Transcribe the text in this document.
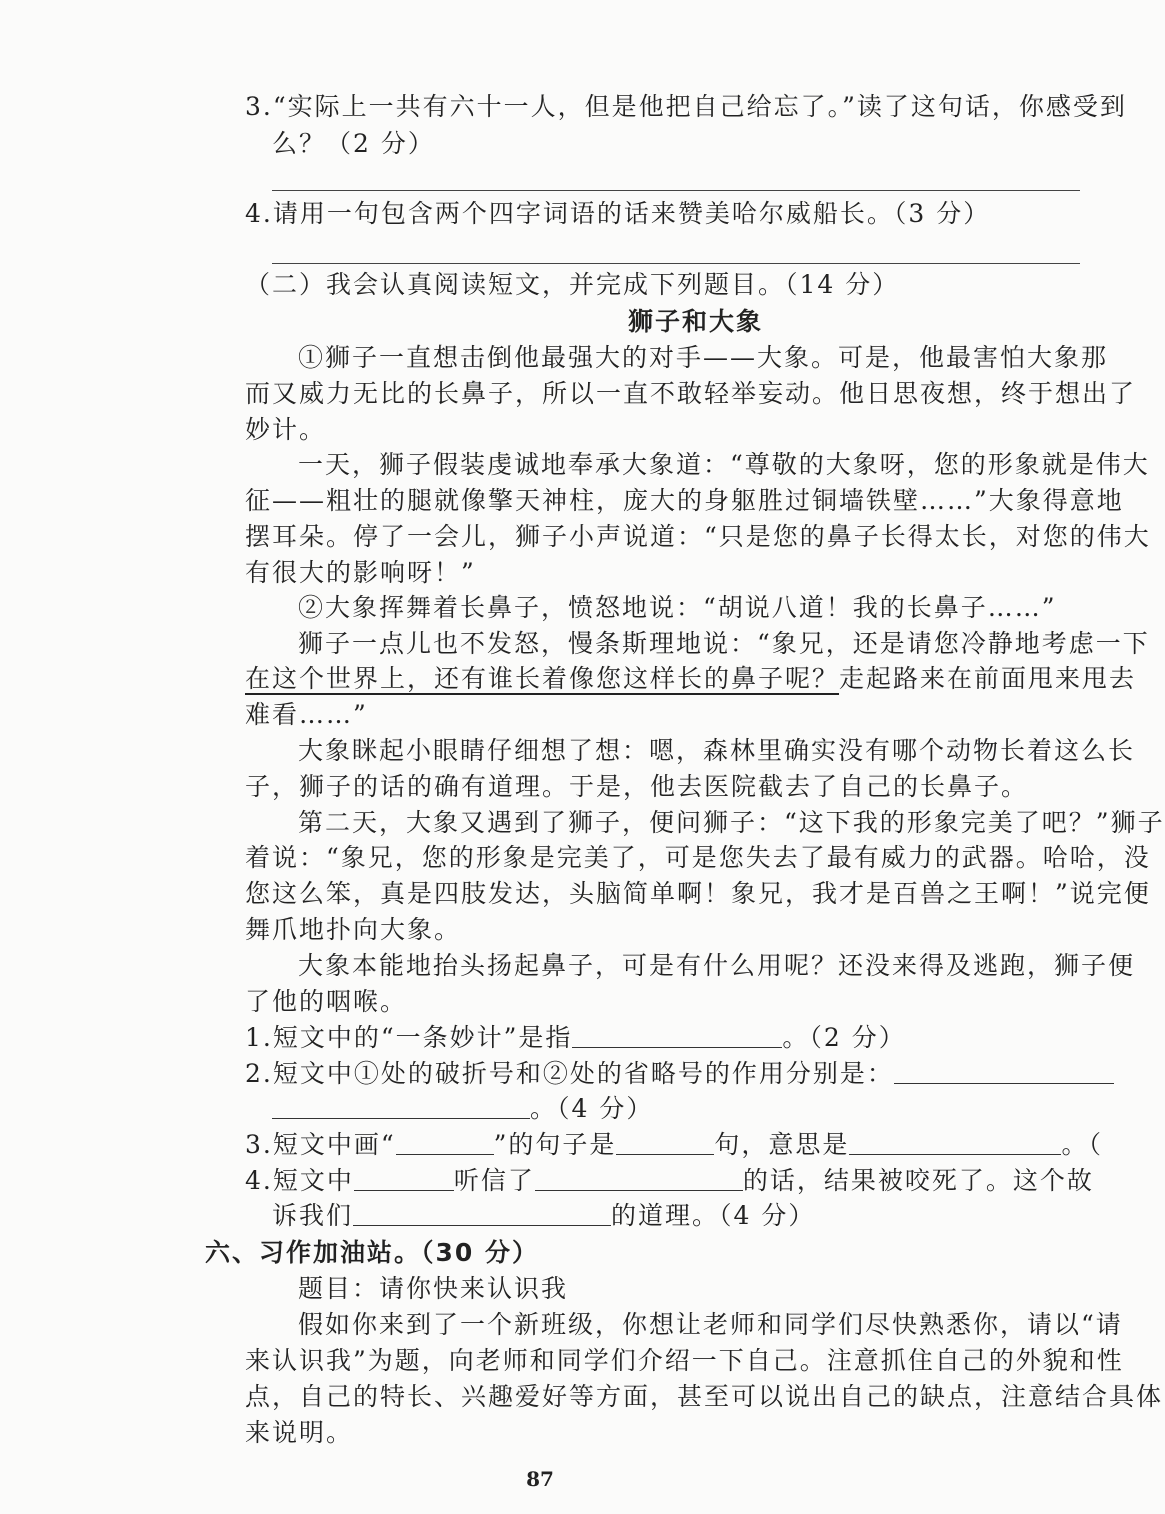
3.“实际上一共有六十一人，但是他把自己给忘了。”读了这句话，你感受到
么？（2 分）
4.请用一句包含两个四字词语的话来赞美哈尔威船长。（3 分）
（二）我会认真阅读短文，并完成下列题目。（14 分）
狮子和大象
①狮子一直想击倒他最强大的对手——大象。可是，他最害怕大象那
而又威力无比的长鼻子，所以一直不敢轻举妄动。他日思夜想，终于想出了
妙计。
一天，狮子假装虔诚地奉承大象道：“尊敬的大象呀，您的形象就是伟大
征——粗壮的腿就像擎天神柱，庞大的身躯胜过铜墙铁壁……”大象得意地
摆耳朵。停了一会儿，狮子小声说道：“只是您的鼻子长得太长，对您的伟大
有很大的影响呀！”
②大象挥舞着长鼻子，愤怒地说：“胡说八道！我的长鼻子……”
狮子一点儿也不发怒，慢条斯理地说：“象兄，还是请您冷静地考虑一下
在这个世界上，还有谁长着像您这样长的鼻子呢？走起路来在前面甩来甩去
难看……”
大象眯起小眼睛仔细想了想：嗯，森林里确实没有哪个动物长着这么长
子，狮子的话的确有道理。于是，他去医院截去了自己的长鼻子。
第二天，大象又遇到了狮子，便问狮子：“这下我的形象完美了吧？”狮子
着说：“象兄，您的形象是完美了，可是您失去了最有威力的武器。哈哈，没
您这么笨，真是四肢发达，头脑简单啊！象兄，我才是百兽之王啊！”说完便
舞爪地扑向大象。
大象本能地抬头扬起鼻子，可是有什么用呢？还没来得及逃跑，狮子便
了他的咽喉。
1.短文中的“一条妙计”是指	。（2 分）
2.短文中①处的破折号和②处的省略号的作用分别是：
。（4 分）
3.短文中画“	”的句子是	句，意思是	。（
4.短文中	听信了	的话，结果被咬死了。这个故
诉我们	的道理。（4 分）
六、习作加油站。（30 分）
题目：请你快来认识我
假如你来到了一个新班级，你想让老师和同学们尽快熟悉你，请以“请
来认识我”为题，向老师和同学们介绍一下自己。注意抓住自己的外貌和性
点，自己的特长、兴趣爱好等方面，甚至可以说出自己的缺点，注意结合具体
来说明。
87
